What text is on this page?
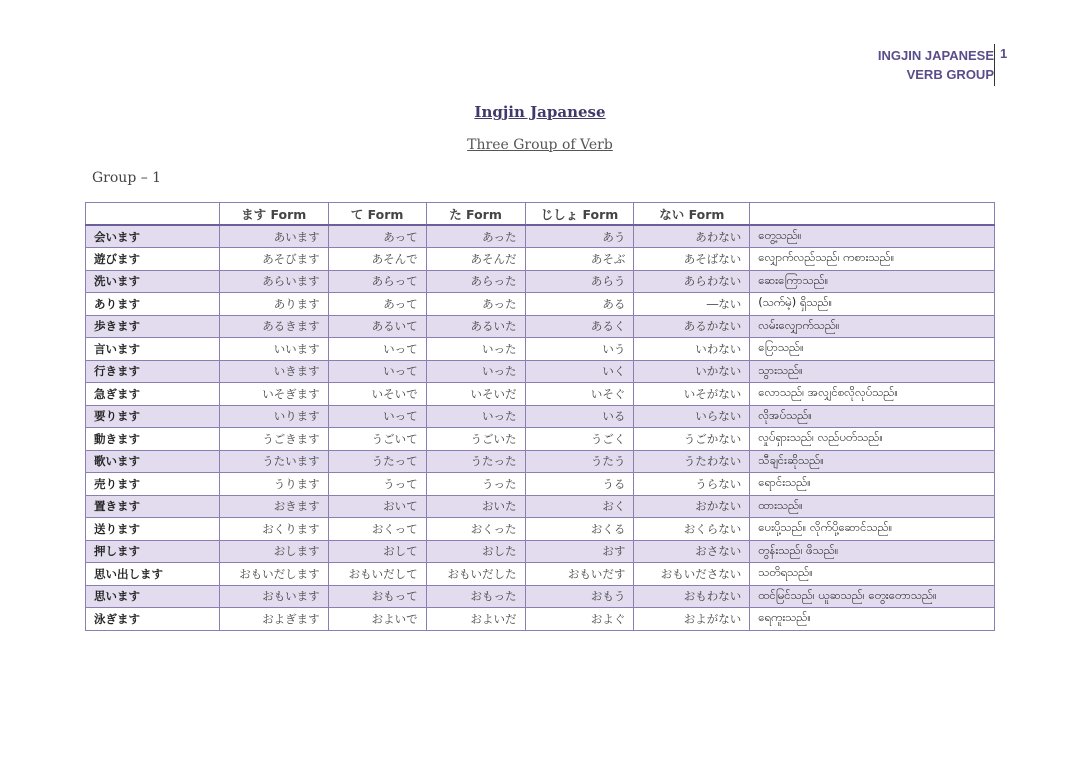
INGJIN JAPANESE
VERB GROUP
1
Ingjin Japanese
Three Group of Verb
Group – 1
	ます Form	て Form	た Form	じしょ Form	ない Form	
会います	あいます	あって	あった	あう	あわない	တွေ့သည်။
遊びます	あそびます	あそんで	あそんだ	あそぶ	あそばない	လျှောက်လည်သည်၊ ကစားသည်။
洗います	あらいます	あらって	あらった	あらう	あらわない	ဆေးကြောသည်။
あります	あります	あって	あった	ある	―ない	(သက်မဲ့) ရှိသည်။
歩きます	あるきます	あるいて	あるいた	あるく	あるかない	လမ်းလျှောက်သည်။
言います	いいます	いって	いった	いう	いわない	ပြောသည်။
行きます	いきます	いって	いった	いく	いかない	သွားသည်။
急ぎます	いそぎます	いそいで	いそいだ	いそぐ	いそがない	လောသည်၊ အလျှင်စလိုလုပ်သည်။
要ります	いります	いって	いった	いる	いらない	လိုအပ်သည်။
動きます	うごきます	うごいて	うごいた	うごく	うごかない	လှုပ်ရှားသည်၊ လည်ပတ်သည်။
歌います	うたいます	うたって	うたった	うたう	うたわない	သီချင်းဆိုသည်။
売ります	うります	うって	うった	うる	うらない	ရောင်းသည်။
置きます	おきます	おいて	おいた	おく	おかない	ထားသည်။
送ります	おくります	おくって	おくった	おくる	おくらない	ပေးပို့သည်။ လိုက်ပို့ဆောင်သည်။
押します	おします	おして	おした	おす	おさない	တွန်းသည်၊ ဖိသည်။
思い出します	おもいだします	おもいだして	おもいだした	おもいだす	おもいださない	သတိရသည်။
思います	おもいます	おもって	おもった	おもう	おもわない	ထင်မြင်သည်၊ ယူဆသည်၊ တွေးတောသည်။
泳ぎます	およぎます	およいで	およいだ	およぐ	およがない	ရေကူးသည်။
